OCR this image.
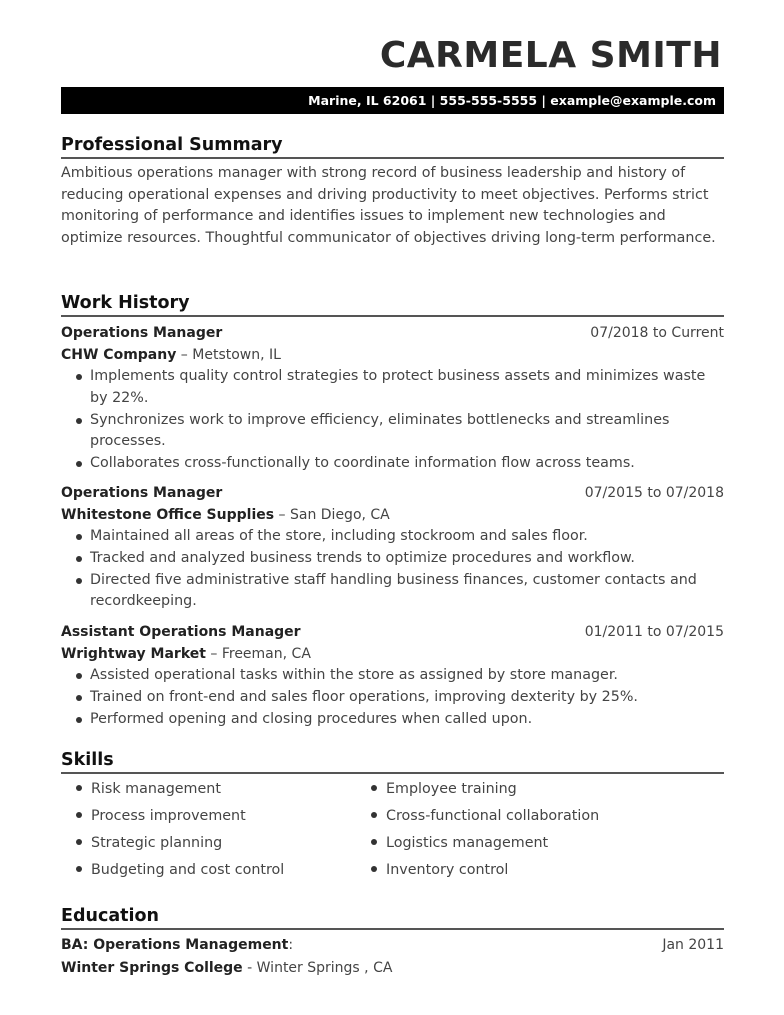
CARMELA SMITH
Marine, IL 62061 | 555-555-5555 | example@example.com
Professional Summary
Ambitious operations manager with strong record of business leadership and history of reducing operational expenses and driving productivity to meet objectives. Performs strict monitoring of performance and identifies issues to implement new technologies and optimize resources. Thoughtful communicator of objectives driving long-term performance.
Work History
Operations Manager	07/2018 to Current
CHW Company – Metstown, IL
Implements quality control strategies to protect business assets and minimizes waste by 22%.
Synchronizes work to improve efficiency, eliminates bottlenecks and streamlines processes.
Collaborates cross-functionally to coordinate information flow across teams.
Operations Manager	07/2015 to 07/2018
Whitestone Office Supplies – San Diego, CA
Maintained all areas of the store, including stockroom and sales floor.
Tracked and analyzed business trends to optimize procedures and workflow.
Directed five administrative staff handling business finances, customer contacts and recordkeeping.
Assistant Operations Manager	01/2011 to 07/2015
Wrightway Market – Freeman, CA
Assisted operational tasks within the store as assigned by store manager.
Trained on front-end and sales floor operations, improving dexterity by 25%.
Performed opening and closing procedures when called upon.
Skills
Risk management
Process improvement
Strategic planning
Budgeting and cost control
Employee training
Cross-functional collaboration
Logistics management
Inventory control
Education
BA: Operations Management:	Jan 2011
Winter Springs College - Winter Springs , CA
